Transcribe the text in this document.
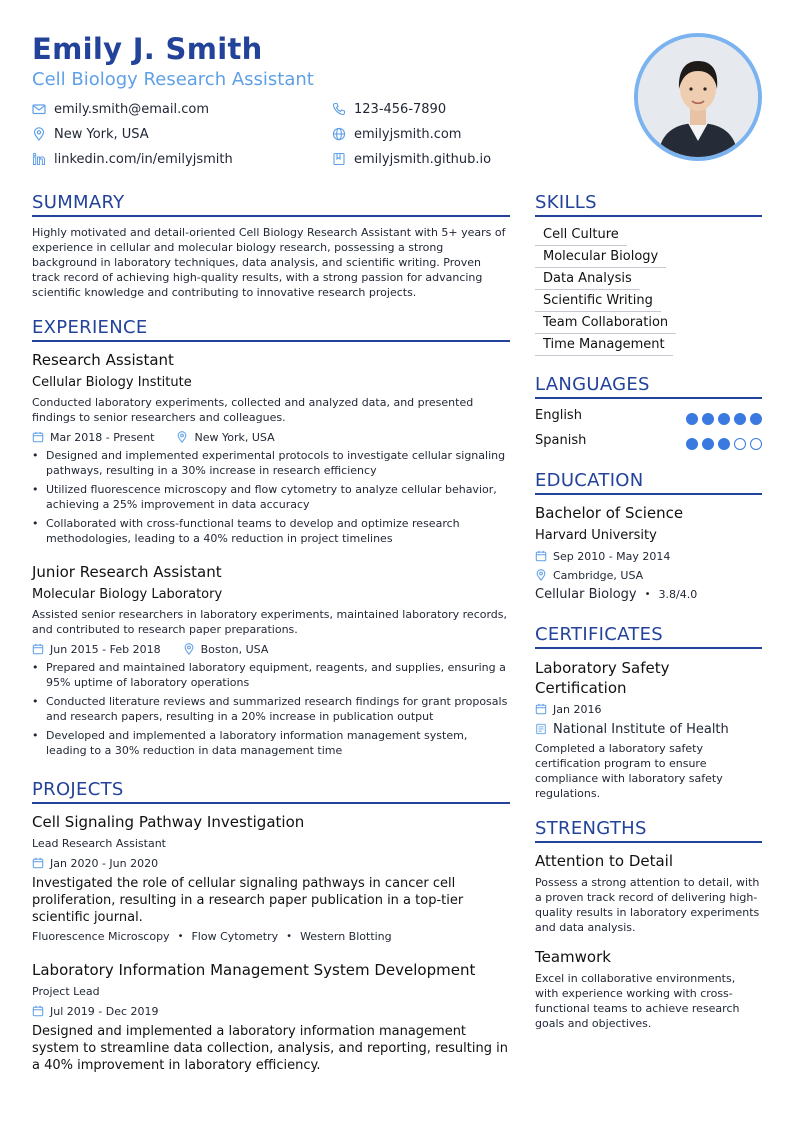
Emily J. Smith
Cell Biology Research Assistant
emily.smith@email.com	123-456-7890
New York, USA	emilyjsmith.com
linkedin.com/in/emilyjsmith	emilyjsmith.github.io
SUMMARY
Highly motivated and detail-oriented Cell Biology Research Assistant with 5+ years of experience in cellular and molecular biology research, possessing a strong background in laboratory techniques, data analysis, and scientific writing. Proven track record of achieving high-quality results, with a strong passion for advancing scientific knowledge and contributing to innovative research projects.
EXPERIENCE
Research Assistant
Cellular Biology Institute
Conducted laboratory experiments, collected and analyzed data, and presented findings to senior researchers and colleagues.
Mar 2018 - Present	New York, USA
• Designed and implemented experimental protocols to investigate cellular signaling pathways, resulting in a 30% increase in research efficiency
• Utilized fluorescence microscopy and flow cytometry to analyze cellular behavior, achieving a 25% improvement in data accuracy
• Collaborated with cross-functional teams to develop and optimize research methodologies, leading to a 40% reduction in project timelines
Junior Research Assistant
Molecular Biology Laboratory
Assisted senior researchers in laboratory experiments, maintained laboratory records, and contributed to research paper preparations.
Jun 2015 - Feb 2018	Boston, USA
• Prepared and maintained laboratory equipment, reagents, and supplies, ensuring a 95% uptime of laboratory operations
• Conducted literature reviews and summarized research findings for grant proposals and research papers, resulting in a 20% increase in publication output
• Developed and implemented a laboratory information management system, leading to a 30% reduction in data management time
PROJECTS
Cell Signaling Pathway Investigation
Lead Research Assistant
Jan 2020 - Jun 2020
Investigated the role of cellular signaling pathways in cancer cell proliferation, resulting in a research paper publication in a top-tier scientific journal.
Fluorescence Microscopy • Flow Cytometry • Western Blotting
Laboratory Information Management System Development
Project Lead
Jul 2019 - Dec 2019
Designed and implemented a laboratory information management system to streamline data collection, analysis, and reporting, resulting in a 40% improvement in laboratory efficiency.
SKILLS
Cell Culture
Molecular Biology
Data Analysis
Scientific Writing
Team Collaboration
Time Management
LANGUAGES
English
Spanish
EDUCATION
Bachelor of Science
Harvard University
Sep 2010 - May 2014
Cambridge, USA
Cellular Biology • 3.8/4.0
CERTIFICATES
Laboratory Safety
Certification
Jan 2016
National Institute of Health
Completed a laboratory safety certification program to ensure compliance with laboratory safety regulations.
STRENGTHS
Attention to Detail
Possess a strong attention to detail, with a proven track record of delivering high-quality results in laboratory experiments and data analysis.
Teamwork
Excel in collaborative environments, with experience working with cross-functional teams to achieve research goals and objectives.
